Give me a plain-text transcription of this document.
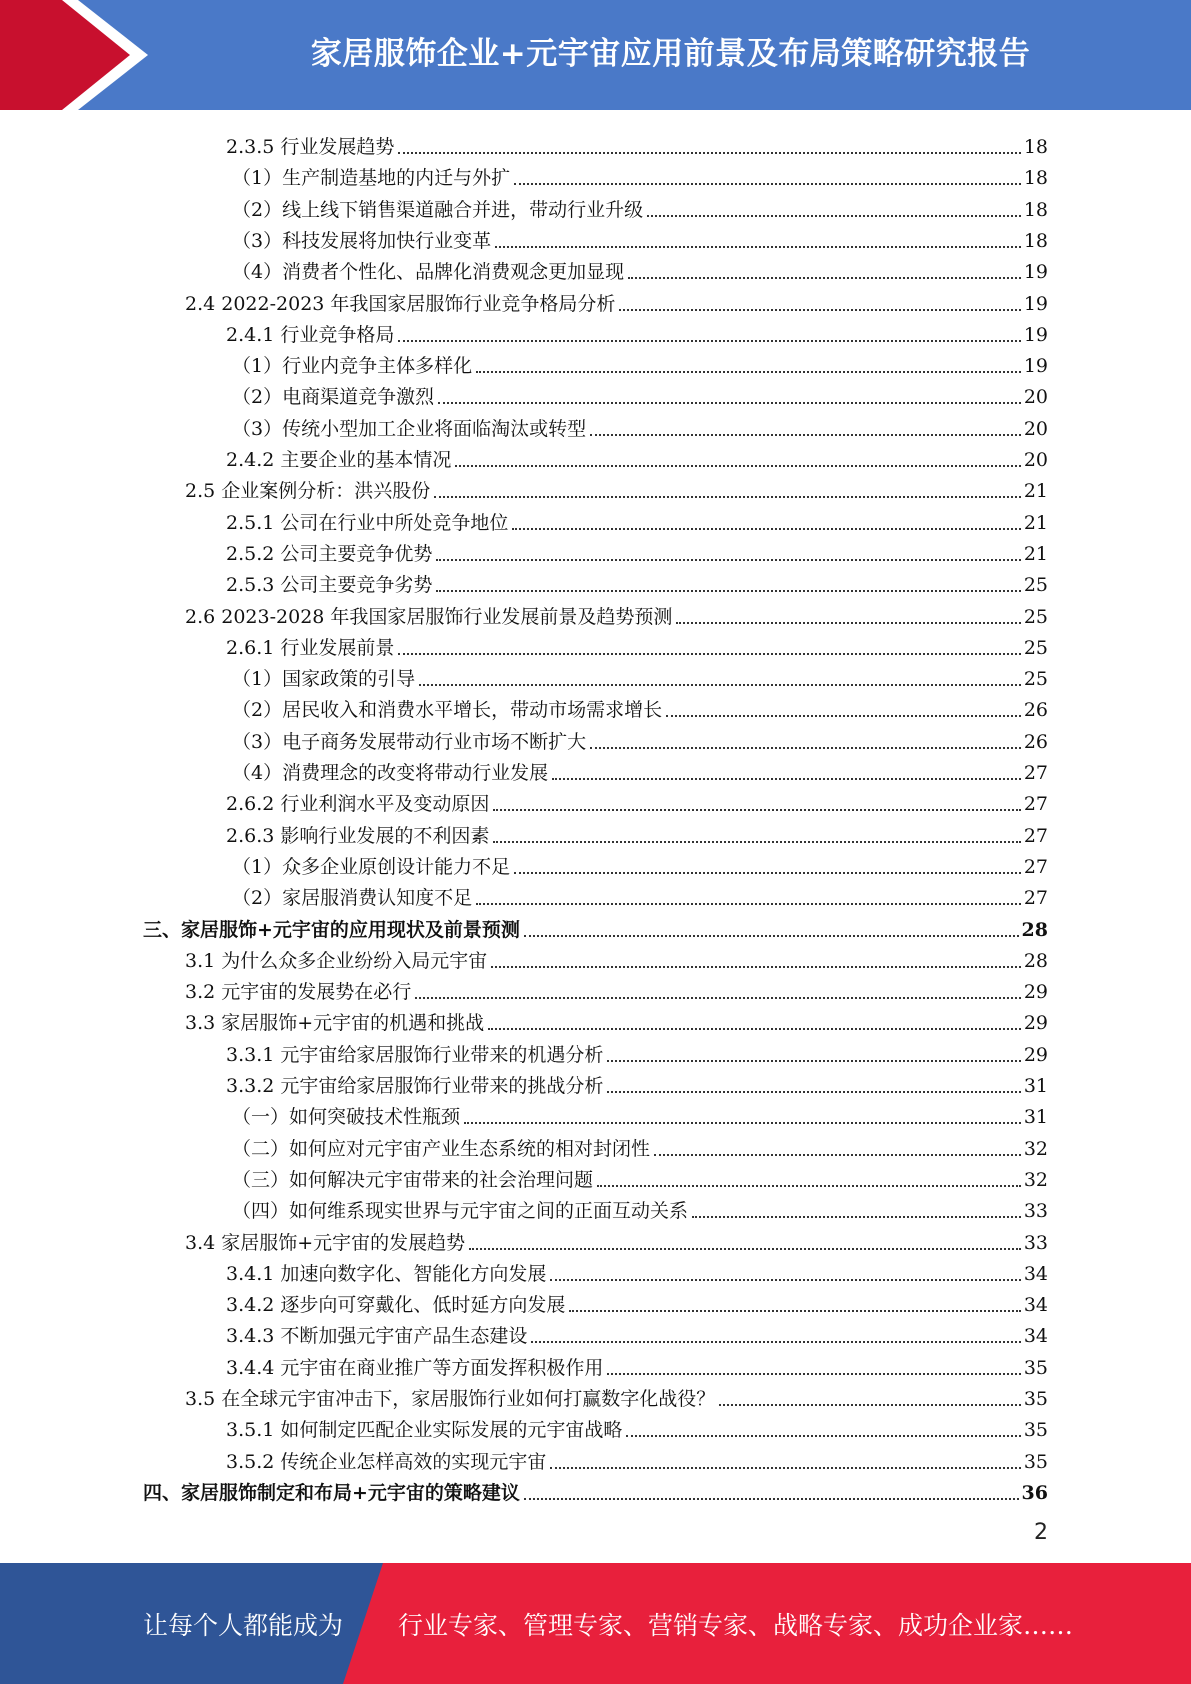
家居服饰企业+元宇宙应用前景及布局策略研究报告
2.3.5 行业发展趋势	18
（1）生产制造基地的内迁与外扩	18
（2）线上线下销售渠道融合并进，带动行业升级	18
（3）科技发展将加快行业变革	18
（4）消费者个性化、品牌化消费观念更加显现	19
2.4 2022-2023 年我国家居服饰行业竞争格局分析	19
2.4.1 行业竞争格局	19
（1）行业内竞争主体多样化	19
（2）电商渠道竞争激烈	20
（3）传统小型加工企业将面临淘汰或转型	20
2.4.2 主要企业的基本情况	20
2.5 企业案例分析：洪兴股份	21
2.5.1 公司在行业中所处竞争地位	21
2.5.2 公司主要竞争优势	21
2.5.3 公司主要竞争劣势	25
2.6 2023-2028 年我国家居服饰行业发展前景及趋势预测	25
2.6.1 行业发展前景	25
（1）国家政策的引导	25
（2）居民收入和消费水平增长，带动市场需求增长	26
（3）电子商务发展带动行业市场不断扩大	26
（4）消费理念的改变将带动行业发展	27
2.6.2 行业利润水平及变动原因	27
2.6.3 影响行业发展的不利因素	27
（1）众多企业原创设计能力不足	27
（2）家居服消费认知度不足	27
三、家居服饰+元宇宙的应用现状及前景预测	28
3.1 为什么众多企业纷纷入局元宇宙	28
3.2 元宇宙的发展势在必行	29
3.3 家居服饰+元宇宙的机遇和挑战	29
3.3.1 元宇宙给家居服饰行业带来的机遇分析	29
3.3.2 元宇宙给家居服饰行业带来的挑战分析	31
（一）如何突破技术性瓶颈	31
（二）如何应对元宇宙产业生态系统的相对封闭性	32
（三）如何解决元宇宙带来的社会治理问题	32
（四）如何维系现实世界与元宇宙之间的正面互动关系	33
3.4 家居服饰+元宇宙的发展趋势	33
3.4.1 加速向数字化、智能化方向发展	34
3.4.2 逐步向可穿戴化、低时延方向发展	34
3.4.3 不断加强元宇宙产品生态建设	34
3.4.4 元宇宙在商业推广等方面发挥积极作用	35
3.5 在全球元宇宙冲击下，家居服饰行业如何打赢数字化战役？	35
3.5.1 如何制定匹配企业实际发展的元宇宙战略	35
3.5.2 传统企业怎样高效的实现元宇宙	35
四、家居服饰制定和布局+元宇宙的策略建议	36
2
让每个人都能成为 行业专家、管理专家、营销专家、战略专家、成功企业家……
